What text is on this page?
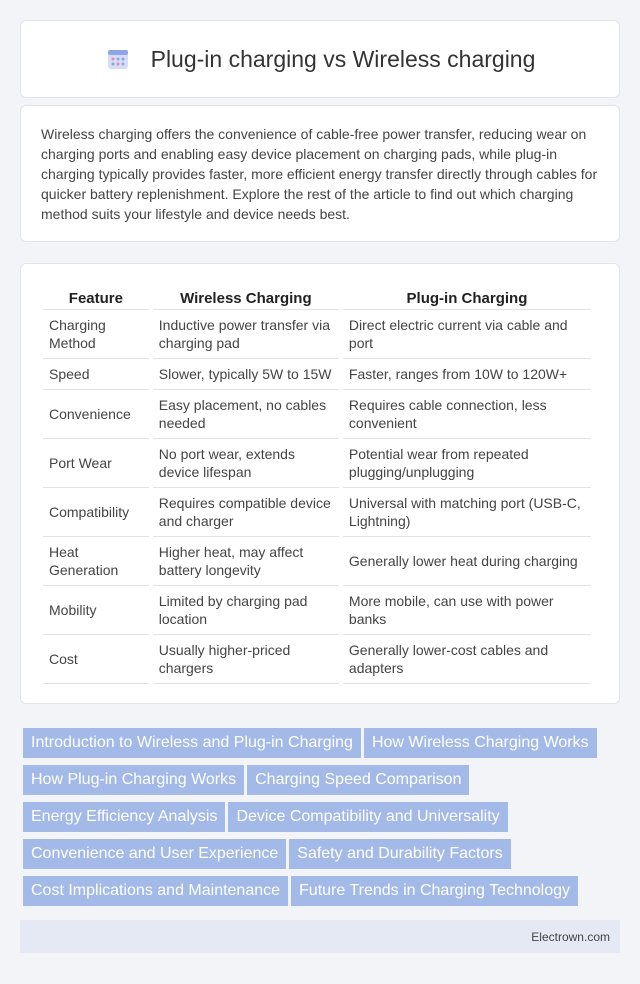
Plug-in charging vs Wireless charging

Wireless charging offers the convenience of cable-free power transfer, reducing wear on charging ports and enabling easy device placement on charging pads, while plug-in charging typically provides faster, more efficient energy transfer directly through cables for quicker battery replenishment. Explore the rest of the article to find out which charging method suits your lifestyle and device needs best.

Feature	Wireless Charging	Plug-in Charging
Charging Method	Inductive power transfer via charging pad	Direct electric current via cable and port
Speed	Slower, typically 5W to 15W	Faster, ranges from 10W to 120W+
Convenience	Easy placement, no cables needed	Requires cable connection, less convenient
Port Wear	No port wear, extends device lifespan	Potential wear from repeated plugging/unplugging
Compatibility	Requires compatible device and charger	Universal with matching port (USB-C, Lightning)
Heat Generation	Higher heat, may affect battery longevity	Generally lower heat during charging
Mobility	Limited by charging pad location	More mobile, can use with power banks
Cost	Usually higher-priced chargers	Generally lower-cost cables and adapters
Introduction to Wireless and Plug-in Charging How Wireless Charging WorksHow Plug-in Charging Works Charging Speed ComparisonEnergy Efficiency Analysis Device Compatibility and UniversalityConvenience and User Experience Safety and Durability FactorsCost Implications and Maintenance Future Trends in Charging Technology
Electrown.com
